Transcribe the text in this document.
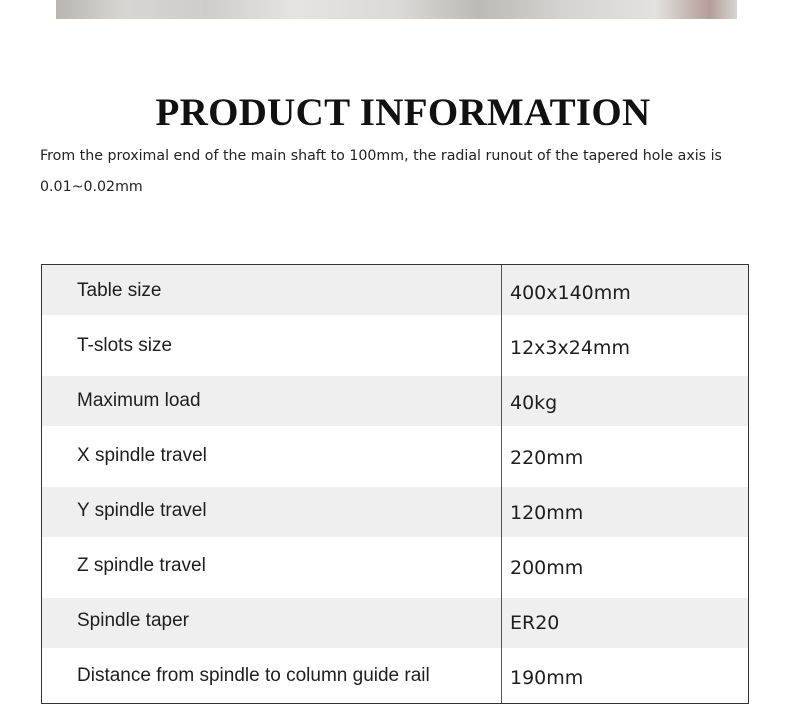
PRODUCT INFORMATION
From the proximal end of the main shaft to 100mm, the radial runout of the tapered hole axis is 0.01~0.02mm
Table size	400x140mm
T-slots size	12x3x24mm
Maximum load	40kg
X spindle travel	220mm
Y spindle travel	120mm
Z spindle travel	200mm
Spindle taper	ER20
Distance from spindle to column guide rail	190mm
